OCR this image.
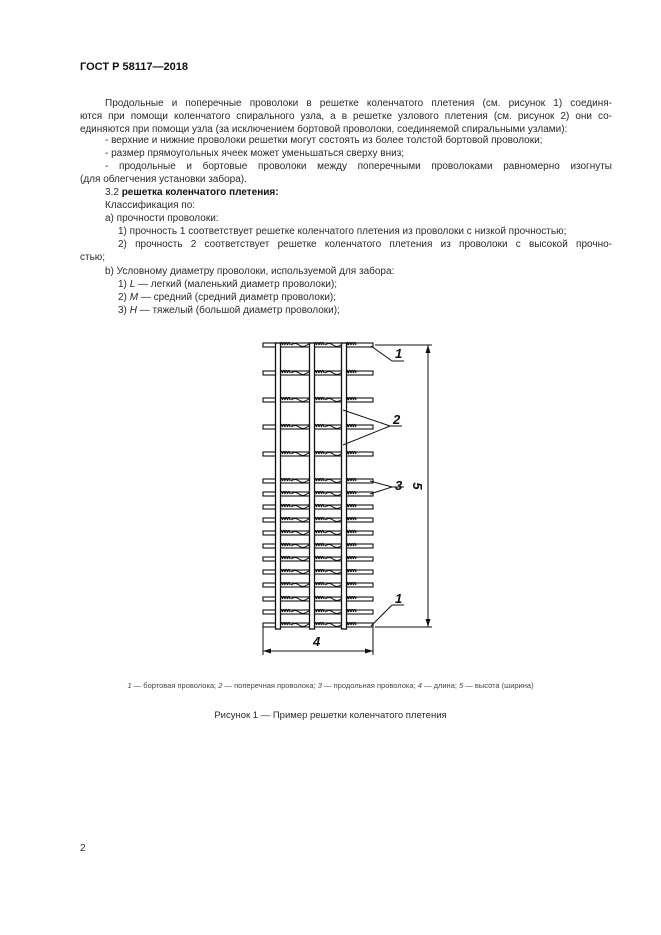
ГОСТ Р 58117—2018
Продольные и поперечные проволоки в решетке коленчатого плетения (см. рисунок 1) соединя-
ются при помощи коленчатого спирального узла, а в решетке узлового плетения (см. рисунок 2) они со-
единяются при помощи узла (за исключением бортовой проволоки, соединяемой спиральными узлами):
- верхние и нижние проволоки решетки могут состоять из более толстой бортовой проволоки;
- размер прямоугольных ячеек может уменьшаться сверху вниз;
- продольные и бортовые проволоки между поперечными проволоками равномерно изогнуты
(для облегчения установки забора).
3.2 решетка коленчатого плетения:
Классификация по:
а) прочности проволоки:
1) прочность 1 соответствует решетке коленчатого плетения из проволоки с низкой прочностью;
2) прочность 2 соответствует решетке коленчатого плетения из проволоки с высокой прочно-
стью;
b) Условному диаметру проволоки, используемой для забора:
1) L — легкий (маленький диаметр проволоки);
2) M — средний (средний диаметр проволоки);
3) H — тяжелый (большой диаметр проволоки);
1
2
3
4
5
1
1 — бортовая проволока; 2 — поперечная проволока; 3 — продольная проволока; 4 — длина; 5 — высота (ширина)
Рисунок 1 — Пример решетки коленчатого плетения
2
